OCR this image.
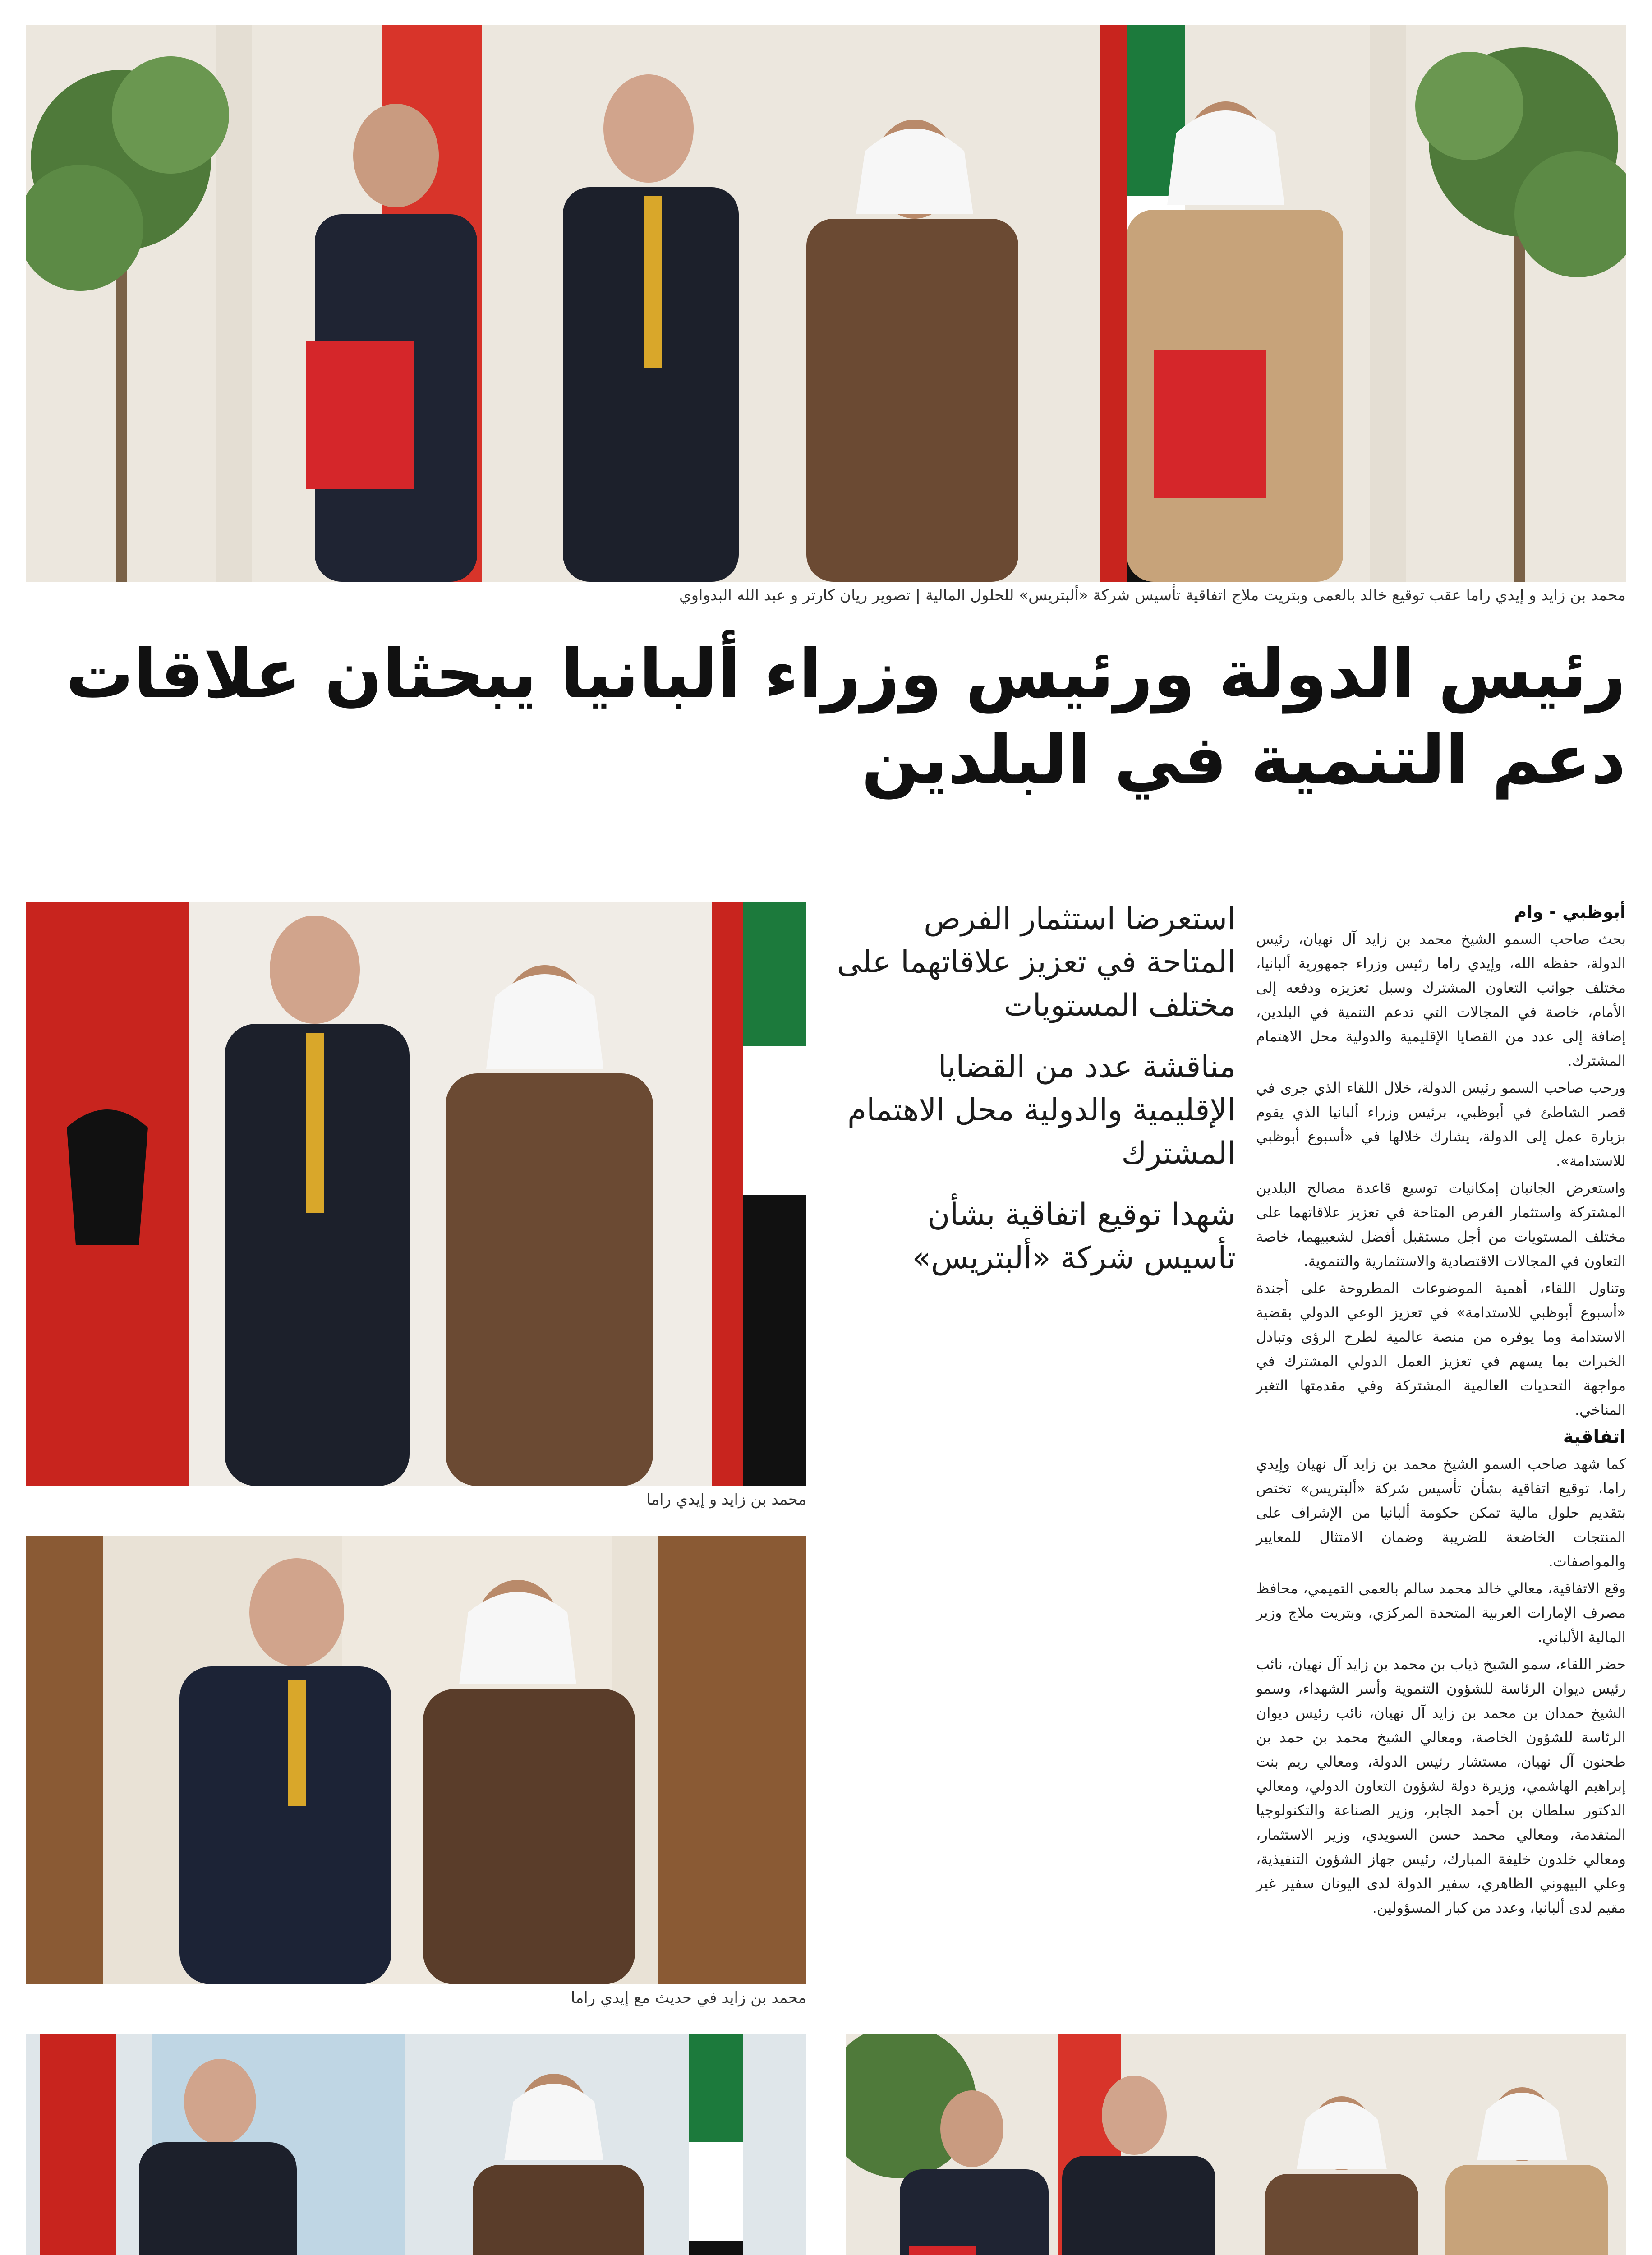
محمد بن زايد و إيدي راما عقب توقيع خالد بالعمى وبتريت ملاج اتفاقية تأسيس شركة «ألبتريس» للحلول المالية | تصوير ريان كارتر و عبد الله البدواوي
رئيس الدولة ورئيس وزراء ألبانيا يبحثان علاقات
دعم التنمية في البلدين
محمد بن زايد و إيدي راما

استعرضا استثمار الفرص المتاحة في تعزيز علاقاتهما على مختلف المستويات

مناقشة عدد من القضايا الإقليمية والدولية محل الاهتمام المشترك

شهدا توقيع اتفاقية بشأن تأسيس شركة «ألبتريس»

أبوظبي - وام

بحث صاحب السمو الشيخ محمد بن زايد آل نهيان، رئيس الدولة، حفظه الله، وإيدي راما رئيس وزراء جمهورية ألبانيا، مختلف جوانب التعاون المشترك وسبل تعزيزه ودفعه إلى الأمام، خاصة في المجالات التي تدعم التنمية في البلدين، إضافة إلى عدد من القضايا الإقليمية والدولية محل الاهتمام المشترك.

ورحب صاحب السمو رئيس الدولة، خلال اللقاء الذي جرى في قصر الشاطئ في أبوظبي، برئيس وزراء ألبانيا الذي يقوم بزيارة عمل إلى الدولة، يشارك خلالها في «أسبوع أبوظبي للاستدامة».

واستعرض الجانبان إمكانيات توسيع قاعدة مصالح البلدين المشتركة واستثمار الفرص المتاحة في تعزيز علاقاتهما على مختلف المستويات من أجل مستقبل أفضل لشعبيهما، خاصة التعاون في المجالات الاقتصادية والاستثمارية والتنموية.

وتناول اللقاء، أهمية الموضوعات المطروحة على أجندة «أسبوع أبوظبي للاستدامة» في تعزيز الوعي الدولي بقضية الاستدامة وما يوفره من منصة عالمية لطرح الرؤى وتبادل الخبرات بما يسهم في تعزيز العمل الدولي المشترك في مواجهة التحديات العالمية المشتركة وفي مقدمتها التغير المناخي.

اتفاقية

كما شهد صاحب السمو الشيخ محمد بن زايد آل نهيان وإيدي راما، توقيع اتفاقية بشأن تأسيس شركة «ألبتريس» تختص بتقديم حلول مالية تمكن حكومة ألبانيا من الإشراف على المنتجات الخاضعة للضريبة وضمان الامتثال للمعايير والمواصفات.

وقع الاتفاقية، معالي خالد محمد سالم بالعمى التميمي، محافظ مصرف الإمارات العربية المتحدة المركزي، وبتريت ملاج وزير المالية الألباني.

حضر اللقاء، سمو الشيخ ذياب بن محمد بن زايد آل نهيان، نائب رئيس ديوان الرئاسة للشؤون التنموية وأسر الشهداء، وسمو الشيخ حمدان بن محمد بن زايد آل نهيان، نائب رئيس ديوان الرئاسة للشؤون الخاصة، ومعالي الشيخ محمد بن حمد بن طحنون آل نهيان، مستشار رئيس الدولة، ومعالي ريم بنت إبراهيم الهاشمي، وزيرة دولة لشؤون التعاون الدولي، ومعالي الدكتور سلطان بن أحمد الجابر، وزير الصناعة والتكنولوجيا المتقدمة، ومعالي محمد حسن السويدي، وزير الاستثمار، ومعالي خلدون خليفة المبارك، رئيس جهاز الشؤون التنفيذية، وعلي البيهوني الظاهري، سفير الدولة لدى اليونان سفير غير مقيم لدى ألبانيا، وعدد من كبار المسؤولين.

محمد بن زايد في حديث مع إيدي راما
